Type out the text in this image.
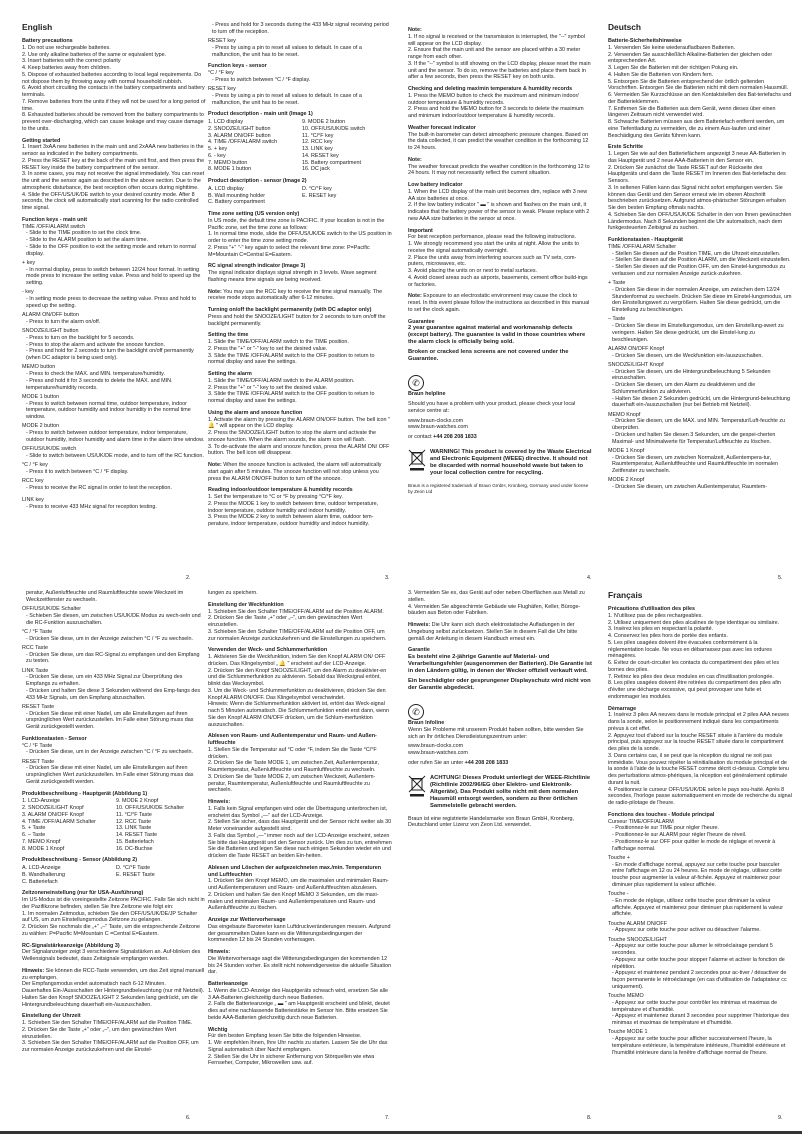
English
Battery precautions
1. Do not use rechargeable batteries.
2. Use only alkaline batteries of the same or equivalent type.
3. Insert batteries with the correct polarity
4. Keep batteries away from children.
5. Dispose of exhausted batteries according to local legal requirements. Do not dispose them by throwing away with normal household rubbish.
6. Avoid short circuiting the contacts in the battery compartments and battery terminals.
7. Remove batteries from the units if they will not be used for a long period of time.
8. Exhausted batteries should be removed from the battery compartments to prevent over-discharging, which can cause leakage and may cause damage to the units.
Getting started
1. Insert 3xAA new batteries in the main unit and 2xAAA new batteries in the sensor as indicated in the battery compartments.
2. Press the RESET key at the back of the main unit first, and then press the RESET key inside the battery compartment of the sensor.
3. In some cases, you may not receive the signal immediately. You can reset the unit and the sensor again as described in the above section. Due to the atmospheric disturbance, the best reception often occurs during nighttime.
4. Slide the OFF/US/UK/DE switch to your desired country mode. After 8 seconds, the clock will automatically start scanning for the radio controlled time signal.
Function keys - main unit
TIME /OFF/ALARM switch
- Slide to the TIME position to set the clock time.
- Slide to the ALARM position to set the alarm time.
- Slide to the OFF position to exit the setting mode and return to normal display.
+ key
- In normal display, press to switch between 12/24 hour format. In setting mode press to increase the setting value. Press and hold to speed up the setting.
- key
- In setting mode press to decrease the setting value. Press and hold to speed up the setting.
ALARM ON/OFF button
- Press to turn the alarm on/off.
SNOOZE/LIGHT button
- Press to turn on the backlight for 5 seconds.
- Press to stop the alarm and activate the snooze function.
- Press and hold for 2 seconds to turn the backlight on/off permanently (when DC adaptor is being used only).
MEMO button
- Press to check the MAX. and MIN. temperature/humidity.
- Press and hold it for 3 seconds to delete the MAX. and MIN. temperature/humidity records.
MODE 1 button
- Press to switch between normal time, outdoor temperature, indoor temperature, outdoor humidity and indoor humidity in the normal time window.
MODE 2 button
- Press to switch between outdoor temperature, indoor temperature, outdoor humidity, indoor humidity and alarm time in the alarm time window.
OFF/US/UK/DE switch
- Slide to switch between US/UK/DE mode, and to turn off the RC function.
°C / °F key
- Press it to switch between °C / °F display.
RCC key
- Press to receive the RC signal in order to test the reception.
LINK key
- Press to receive 433 MHz signal for reception testing.
2.
- Press and hold for 3 seconds during the 433 MHz signal receiving period to turn off the reception.
RESET key
- Press by using a pin to reset all values to default. In case of a malfunction, the unit has to be reset.
Function keys - sensor
°C / °F key
- Press to switch between °C / °F display.
RESET key
- Press by using a pin to reset all values to default. In case of a malfunction, the unit has to be reset.
Product description - main unit (Image 1)
1. LCD display	9. MODE 2 button
2. SNOOZE/LIGHT button	10. OFF/US/UK/DE switch
3. ALARM ON/OFF button	11. °C/°F key
4. TIME /OFF/ALARM switch	12. RCC key
5. + key	13. LINK key
6. - key	14. RESET key
7. MEMO button	15. Battery compartment
8. MODE 1 button	16. DC jack
Product description - sensor (Image 2)
A. LCD display	D. °C/°F key
B. Wall mounting holder	E. RESET key
C. Battery compartment
Time zone setting (US version only)
In US mode, the default time zone is PACIFIC. If your location is not in the Pacific zone, set the time zone as follows:
1. In normal time mode, slide the OFF/US/UK/DE switch to the US position in order to enter the time zone setting mode.
2. Press "+" "-" key again to select the relevant time zone: P=Pacific M=Mountain C=Central E=Eastern.
RC signal strength indicator (Image 3)
The signal indicator displays signal strength in 3 levels. Wave segment flashing means time signals are being received.
Note: You may use the RCC key to receive the time signal manually. The receive mode stops automatically after 6-12 minutes.
Turning on/off the backlight permanently (with DC adaptor only)
Press and hold the SNOOZE/LIGHT button for 2 seconds to turn on/off the backlight permanently.
Setting the time
1. Slide the TIME/OFF/ALARM switch to the TIME position.
2. Press the "+" or "-" key to set the desired value.
3. Slide the TIME /OFF/ALARM switch to the OFF position to return to normal display and save the settings.
Setting the alarm
1. Slide the TIME/OFF/ALARM switch to the ALARM position.
2. Press the "+" or "-" key to set the desired value.
3. Slide the TIME /OFF/ALARM switch to the OFF position to return to normal display and save the settings.
Using the alarm and snooze function
1. Activate the alarm by pressing the ALARM ON/OFF button. The bell icon " 🔔 " will appear on the LCD display.
2. Press the SNOOZE/LIGHT button to stop the alarm and activate the snooze function. When the alarm sounds, the alarm icon will flash.
3. To de-activate the alarm and snooze function, press the ALARM ON/ OFF button. The bell icon will disappear.
Note: When the snooze function is activated, the alarm will automatically start again after 5 minutes. The snooze function will not stop unless you press the ALARM ON/OFF button to turn off the snooze.
Reading indoor/outdoor temperature & humidity records
1. Set the temperature to °C or °F by pressing °C/°F key.
2. Press the MODE 1 key to switch between time, outdoor temperature, indoor temperature, outdoor humidity and indoor humidity.
3. Press the MODE 2 key to switch between alarm time, outdoor tem-perature, indoor temperature, outdoor humidity and indoor humidity.
3.
Note:
1. If no signal is received or the transmission is interrupted, the "--" symbol will appear on the LCD display.
2. Ensure that the main unit and the sensor are placed within a 30 meter range from each other.
3. If the "--" symbol is still showing on the LCD display, please reset the main unit and the sensor. To do so, remove the batteries and place them back in after a few seconds, then press the RESET key on both units.
Checking and deleting max/min temperature & humidity records
1. Press the MEMO button to check the maximum and minimum indoor/ outdoor temperature & humidity records.
2. Press and hold the MEMO button for 3 seconds to delete the maximum and minimum indoor/outdoor temperature & humidity records.
Weather forecast indicator
The built-in barometer can detect atmospheric pressure changes. Based on the data collected, it can predict the weather condition in the forthcoming 12 to 24 hours.
Note:
The weather forecast predicts the weather condition in the forthcoming 12 to 24 hours. It may not necessarily reflect the current situation.
Low battery indicator
1. When the LCD display of the main unit becomes dim, replace with 3 new AA size batteries at once.
2. If the low battery indicator " ▬ " is shown and flashes on the main unit, it indicates that the battery power of the sensor is weak. Please replace with 2 new AAA size batteries in the sensor at once.
Important
For best reception performance, please read the following instructions.
1. We strongly recommend you start the units at night. Allow the units to receive the signal automatically overnight.
2. Place the units away from interfering sources such as TV sets, com-puters, microwaves, etc.
3. Avoid placing the units on or next to metal surfaces.
4. Avoid closed areas such as airports, basements, cement office build-ings or factories.
Note: Exposure to an electrostatic environment may cause the clock to reset. In this event please follow the instructions as described in this manual to set the clock again.
Guarantee
2 year guarantee against material and workmanship defects (except battery). The guarantee is valid in those countries where the alarm clock is officially being sold.
Broken or cracked lens screens are not covered under the Guarantee.
✆
Braun helpline
Should you have a problem with your product, please check your local service centre at:
www.braun-clocks.com
www.braun-watches.com
or contact +44 208 208 1833
WARNING! This product is covered by the Waste Electrical and Electronic Equipment (WEEE) directive. It should not be discarded with normal household waste but taken to your local collection centre for recycling.
Braun is a registered trademark of Braun GmbH, Kronberg, Germany used under license by Zeon Ltd
4.
Deutsch
Batterie-Sicherheitshinweise
1. Verwenden Sie keine wiederaufladbaren Batterien.
2. Verwenden Sie ausschließlich Alkaline-Batterien der gleichen oder entsprechenden Art.
3. Legen Sie die Batterien mit der richtigen Polung ein.
4. Halten Sie die Batterien von Kindern fern.
5. Entsorgen Sie die Batterien entsprechend der örtlich geltenden Vorschriften. Entsorgen Sie die Batterien nicht mit dem normalen Hausmüll.
6. Vermeiden Sie Kurzschlüsse an den Kontaktstellen des Bat-teriefachs und der Batterieklemmen.
7. Entfernen Sie die Batterien aus dem Gerät, wenn dieses über einen längeren Zeitraum nicht verwendet wird.
8. Schwache Batterien müssen aus dem Batteriefach entfernt werden, um eine Tiefentladung zu vermeiden, die zu einem Aus-laufen und einer Beschädigung des Geräts führen kann.
Erste Schritte
1. Legen Sie wie auf den Batteriefächern angezeigt 3 neue AA-Batterien in das Hauptgerät und 2 neue AAA-Batterien in den Sensor ein.
2. Drücken Sie zunächst die Taste RESET auf der Rückseite des Hauptgeräts und dann die Taste RESET im Inneren des Bat-teriefachs des Sensors.
3. In seltenen Fällen kann das Signal nicht sofort empfangen werden. Sie können das Gerät und den Sensor erneut wie im oberen Abschnitt beschrieben zurücksetzen. Aufgrund atmos-phärischer Störungen erhalten Sie den besten Empfang oftmals nachts.
4. Schieben Sie den OFF/US/UK/DE Schalter in den von Ihnen gewünschten Ländermodus. Nach 8 Sekunden beginnt die Uhr automatisch, nach dem funkgesteuerten Zeitsignal zu suchen.
Funktionstasten - Hauptgerät
TIME /OFF/ALARM Schalter
- Stellen Sie diesen auf die Position TIME, um die Uhrzeit einzustellen.
- Stellen Sie diesen auf die Position ALARM, um die Weckzeit einzustellen.
- Stellen Sie diesen auf die Position OFF, um den Einstel-lungsmodus zu verlassen und zur normalen Anzeige zurück-zukehren.
+ Taste
- Drücken Sie diese in der normalen Anzeige, um zwischen dem 12/24 Stundenformat zu wechseln. Drücken Sie diese im Einstel-lungsmodus, um den Einstellungswert zu vergrößern. Halten Sie diese gedrückt, um die Einstellung zu beschleunigen.
– Taste
- Drücken Sie diese im Einstellungsmodus, um den Einstellung-swert zu veringern. Halten Sie diese gedrückt, um die Einstel-lung zu beschleunigen.
ALARM ON/OFF Knopf
- Drücken Sie diesen, um die Weckfunktion ein-/auszuschalten.
SNOOZE/LIGHT Knopf
- Drücken Sie diesen, um die Hintergrundbeleuchtung 5 Sekunden einzuschalten.
- Drücken Sie diesen, um den Alarm zu deaktivieren und die Schlummerfunktion zu aktivieren.
- Halten Sie diesen 2 Sekunden gedrückt, um die Hintergrund-beleuchtung dauerhaft ein-/auszuschalten (nur bei Betrieb mit Netzteil).
MEMO Knopf
- Drücken Sie diesen, um die MAX. und MIN. Temperatur/Luft-feuchte zu überprüfen.
- Drücken und halten Sie diesen 3 Sekunden, um die gespei-cherten Maximal- und Minimalwerte für Temperatur/Luftfeuchte zu löschen.
MODE 1 Knopf
- Drücken Sie diesen, um zwischen Normalzeit, Außentempera-tur, Raumtemperatur, Außenluftfeuchte und Raumluftfeuchte im normalen Zeitfenster zu wechseln.
MODE 2 Knopf
- Drücken Sie diesen, um zwischen Außentemperatur, Raumtem-
5.
peratur, Außenluftfeuchte und Raumluftfeuchte sowie Weckzeit im Weckzeitfenster zu wechseln.
OFF/US/UK/DE Schalter
- Schieben Sie diesen, um zwischen US/UK/DE Modus zu wech-seln und die RC-Funktion auszuschalten.
°C / °F Taste
- Drücken Sie diese, um in der Anzeige zwischen °C / °F zu wechseln.
RCC Taste
- Drücken Sie diese, um das RC-Signal zu empfangen und den Empfang zu testen.
LINK Taste
- Drücken Sie diese, um ein 433 MHz Signal zur Überprüfung des Empfangs zu erhalten.
- Drücken und halten Sie diese 3 Sekunden während des Emp-fangs des 433 MHz Signals, um den Empfang abzuschalten.
RESET Taste
- Drücken Sie diese mit einer Nadel, um alle Einstellungen auf ihren ursprünglichen Wert zurückzustellen. Im Falle einer Störung muss das Gerät zurückgestellt werden.
Funktionstasten - Sensor
°C / °F Taste
- Drücken Sie diese, um in der Anzeige zwischen °C / °F zu wechseln.
RESET Taste
- Drücken Sie diese mit einer Nadel, um alle Einstellungen auf ihren ursprünglichen Wert zurückzustellen. Im Falle einer Störung muss das Gerät zurückgestellt werden.
Produktbeschreibung - Hauptgerät (Abbildung 1)
1. LCD-Anzeige	9. MODE 2 Knopf
2. SNOOZE/LIGHT Knopf	10. OFF/US/UK/DE Schalter
3. ALARM ON/OFF Knopf	11. °C/°F Taste
4. TIME /OFF/ALARM Schalter	12. RCC Taste
5. + Taste	13. LINK Taste
6. – Taste	14. RESET Taste
7. MEMO Knopf	15. Batteriefach
8. MODE 1 Knopf	16. DC-Buchse
Produktbeschreibung - Sensor (Abbildung 2)
A. LCD-Anzeige	D. °C/°F Taste
B. Wandhalterung	E. RESET Taste
C. Batteriefach
Zeitzoneneinstellung (nur für USA-Ausführung)
Im US-Modus ist die voreingestellte Zeitzone PACIFIC. Falls Sie sich nicht in der Pazifikzone befinden, stellen Sie Ihre Zeitzone wie folgt ein:
1. Im normalen Zeitmodus, schieben Sie den OFF/US/UK/DE/JP Schalter auf US, um zum Einstellungsmodus Zeitzone zu gelangen.
2. Drücken Sie nochmals die „+" „–" Taste, um die entsprechende Zeitzone zu wählen: P=Pacific M=Mountain C =Central E=Eastern.
RC-Signalstärkeanzeige (Abbildung 3)
Der Signalanzeiger zeigt 3 verschiedene Signalstärken an. Auf-blinken des Wellensignals bedeutet, dass Zeitsignale empfangen werden.
Hinweis: Sie können die RCC-Taste verwenden, um das Zeit signal manuell zu empfangen.
Der Empfangsmodus endet automatisch nach 6-12 Minuten.
Dauerhaftes Ein-/Ausschalten der Hintergrundbeleuchtung (nur mit Netzteil).
Halten Sie den Knopf SNOOZE/LIGHT 2 Sekunden lang gedrückt, um die Hintergrundbeleuchtung dauerhaft ein-/auszuschalten.
Einstellung der Uhrzeit
1. Schieben Sie den Schalter TIME/OFF/ALARM auf die Position TIME.
2. Drücken Sie die Taste „+" oder „–", um den gewünschten Wert einzustellen.
3. Schieben Sie den Schalter TIME/OFF/ALARM auf die Position OFF, um zur normalen Anzeige zurückzukehren und die Einstel-
6.
lungen zu speichern.
Einstellung der Weckfunktion
1. Schieben Sie den Schalter TIME/OFF/ALARM auf die Position ALARM.
2. Drücken Sie die Taste „+" oder „–", um den gewünschten Wert einzustellen.
3. Schieben Sie den Schalter TIME/OFF/ALARM auf die Position OFF, um zur normalen Anzeige zurückzukehren und die Einstellungen zu speichern.
Verwenden der Weck- und Schlummerfunktion
1. Aktivieren Sie die Weckfunktion, indem Sie den Knopf ALARM ON/ OFF drücken. Das Klingelsymbol „ 🔔 " erscheint auf der LCD-Anzeige.
2. Drücken Sie den Knopf SNOOZE/LIGHT, um den Alarm zu deaktivier-en und die Schlummerfunktion zu aktivieren. Sobald das Wecksignal ertönt, blinkt das Wecksymbol.
3. Um die Weck- und Schlummerfunktion zu deaktivieren, drücken Sie den Knopf ALARM ON/OFF. Das Klingelsymbol verschwindet.
Hinweis: Wenn die Schlummerfunktion aktiviert ist, ertönt das Weck-signal nach 5 Minuten automatisch. Die Schlummerfunktion endet erst dann, wenn Sie den Knopf ALARM ON/OFF drücken, um die Schlum-merfunktion auszuschalten.
Ablesen von Raum- und Außentemperatur und Raum- und Außen-luftfeuchte
1. Stellen Sie die Temperatur auf °C oder °F, indem Sie die Taste °C/°F drücken.
2. Drücken Sie die Taste MODE 1, um zwischen Zeit, Außentemperatur, Raumtemperatur, Außenluftfeuchte und Raumluftfeuchte zu wechseln.
3. Drücken Sie die Taste MODE 2, um zwischen Weckzeit, Außentem-peratur, Raumtemperatur, Außenluftfeuchte und Raumluftfeuchte zu wechseln.
Hinweis:
1. Falls kein Signal empfangen wird oder die Übertragung unterbrochen ist, erscheint das Symbol „—" auf der LCD-Anzeige.
2. Stellen Sie sicher, dass das Hauptgerät und der Sensor nicht weiter als 30 Meter voneinander aufgestellt sind.
3. Falls das Symbol „—" immer noch auf der LCD-Anzeige erscheint, setzen Sie bitte das Hauptgerät und den Sensor zurück. Um dies zu tun, entnehmen Sie die Batterien und legen Sie diese nach einigen Sekunden wieder ein und drücken die Taste RESET an beiden Ein-heiten.
Ablesen und Löschen der aufgezeichneten max./min. Temperaturen und Luftfeuchten
1. Drücken Sie den Knopf MEMO, um die maximalen und minimalen Raum- und Außentemperaturen und Raum- und Außenluftfeuchten abzulesen.
2. Drücken und halten Sie den Knopf MEMO 3 Sekunden, um die maxi-malen und minimalen Raum- und Außentemperaturen und Raum- und Außenluftfeuchte zu löschen.
Anzeige zur Wettervorhersage
Das eingebaute Barometer kann Luftdruckveränderungen messen. Aufgrund der gesammelten Daten kann es die Witterungsbedingungen der kommenden 12 bis 24 Stunden vorhersagen.
Hinweis:
Die Wettervorhersage sagt die Witterungsbedingungen der kommenden 12 bis 24 Stunden vorher. Es stellt nicht notwendigerweise die aktuelle Situation dar.
Batterieanzeige
1. Wenn die LCD-Anzeige des Hauptgeräts schwach wird, ersetzen Sie alle 3 AA-Batterien gleichzeitig durch neue Batterien.
2. Falls die Batterieanzeige „ ▬ " am Hauptgerät erscheint und blinkt, deutet dies auf eine nachlassende Batteriestärke im Sensor hin. Bitte ersetzen Sie beide AAA-Batterien gleichzeitig durch neue Batterien.
Wichtig
Für den besten Empfang lesen Sie bitte die folgenden Hinweise.
1. Wir empfehlen Ihnen, Ihre Uhr nachts zu starten. Lassen Sie die Uhr das Signal automatisch über Nacht empfangen.
2. Stellen Sie die Uhr in sicherer Entfernung von Störquellen wie etwa Fernseher, Computer, Mikrowellen usw. auf.
7.
3. Vermeiden Sie es, das Gerät auf oder neben Oberflächen aus Metall zu stellen.
4. Vermeiden Sie abgeschirmte Gebäude wie Flughäfen, Keller, Büroge-bäuden aus Beton oder Fabriken.
Hinweis: Die Uhr kann sich durch elektrostatische Aufladungen in der Umgebung selbst zurücksetzen. Stellen Sie in diesem Fall die Uhr bitte gemäß der Anleitung in diesem Handbuch erneut ein.
Garantie
Es besteht eine 2-jährige Garantie auf Material- und Verarbeitungsfehler (ausgenommen der Batterien). Die Garantie ist in den Ländern gültig, in denen der Wecker offiziell verkauft wird.
Ein beschädigter oder gesprungener Displayschutz wird nicht von der Garantie abgedeckt.
✆
Braun Infoline
Wenn Sie Probleme mit unserem Produkt haben sollten, bitte wenden Sie sich an Ihr örtliches Dienstleistungszentrum unter:
www.braun-clocks.com
www.braun-watches.com
oder rufen Sie an unter +44 208 208 1833
ACHTUNG! Dieses Produkt unterliegt der WEEE-Richtlinie (Richtlinie 2002/96/EG über Elektro- und Elektronik-Altgeräte). Das Produkt sollte nicht mit dem normalen Hausmüll entsorgt werden, sondern zu Ihrer örtlichen Sammelstelle gebracht werden.
Braun ist eine registrierte Handelsmarke von Braun GmbH, Kronberg, Deutschland unter Lizenz von Zeon Ltd. verwendet.
8.
Français
Précautions d'utilisation des piles
1. N'utilisez pas de piles rechargeables.
2. Utilisez uniquement des piles alcalines de type identique ou similaire.
3. Insérez les piles en respectant la polarité.
4. Conservez les piles hors de portée des enfants.
5. Les piles usagées doivent être évacuées conformément à la réglementation locale. Ne vous en débarrassez pas avec les ordures ménagères.
6. Évitez de court-circuiter les contacts du compartiment des piles et les bornes des piles.
7. Retirez les piles des deux modules en cas d'inutilisation prolongée.
8. Les piles usagées doivent être retirées du compartiment des piles afin d'éviter une décharge excessive, qui peut provoquer une fuite et endommager les modules.
Démarrage
1. Insérez 3 piles AA neuves dans le module principal et 2 piles AAA neuves dans la sonde, selon le positionnement indiqué dans les compartiments prévus à cet effet.
2. Appuyez tout d'abord sur la touche RESET située à l'arrière du module principal, puis appuyez sur la touche RESET située dans le compartiment des piles de la sonde.
3. Dans certains cas, il se peut que la réception du signal ne soit pas immédiate. Vous pouvez répéter la réinitialisation du module principal et de la sonde à l'aide de la touche RESET comme décrit ci-dessus. Compte tenu des perturbations atmos-phériques, la réception est généralement optimale durant la nuit.
4. Positionnez le curseur OFF/US/UK/DE selon le pays sou-haité. Après 8 secondes, l'horloge passe automatiquement en mode de recherche du signal de radio-pilotage de l'heure.
Fonctions des touches - Module principal
Curseur TIME/OFF/ALARM
- Positionnez-le sur TIME pour régler l'heure.
- Positionnez-le sur ALARM pour régler l'heure de réveil.
- Positionnez-le sur OFF pour quitter le mode de réglage et revenir à l'affichage normal.
Touche +
- En mode d'affichage normal, appuyez sur cette touche pour basculer entre l'affichage en 12 ou 24 heures. En mode de réglage, utilisez cette touche pour augmenter la valeur af-fichée. Appuyez et maintenez pour diminuer plus rapidement la valeur affichée.
Touche -
- En mode de réglage, utilisez cette touche pour diminuer la valeur affichée. Appuyez et maintenez pour diminuer plus rapidement la valeur affichée.
Touche ALARM ON/OFF
- Appuyez sur cette touche pour activer ou désactiver l'alarme.
Touche SNOOZE/LIGHT
- Appuyez sur cette touche pour allumer le rétroéclairage pendant 5 secondes.
- Appuyez sur cette touche pour stopper l'alarme et activer la fonction de répétition.
- Appuyez et maintenez pendant 2 secondes pour ac-tiver / désactiver de façon permanente le rétroéclairage (en cas d'utilisation de l'adaptateur cc uniquement).
Touche MEMO
- Appuyez sur cette touche pour contrôler les minimas et maximas de température et d'humidité.
- Appuyez et maintenez durant 3 secondes pour supprimer l'historique des minimas et maximas de température et d'humidité.
Touche MODE 1
- Appuyez sur cette touche pour afficher successivement l'heure, la température extérieure, la température intérieure, l'humidité extérieure et l'humidité intérieure dans la fenêtre d'affichage normal de l'heure.
9.
